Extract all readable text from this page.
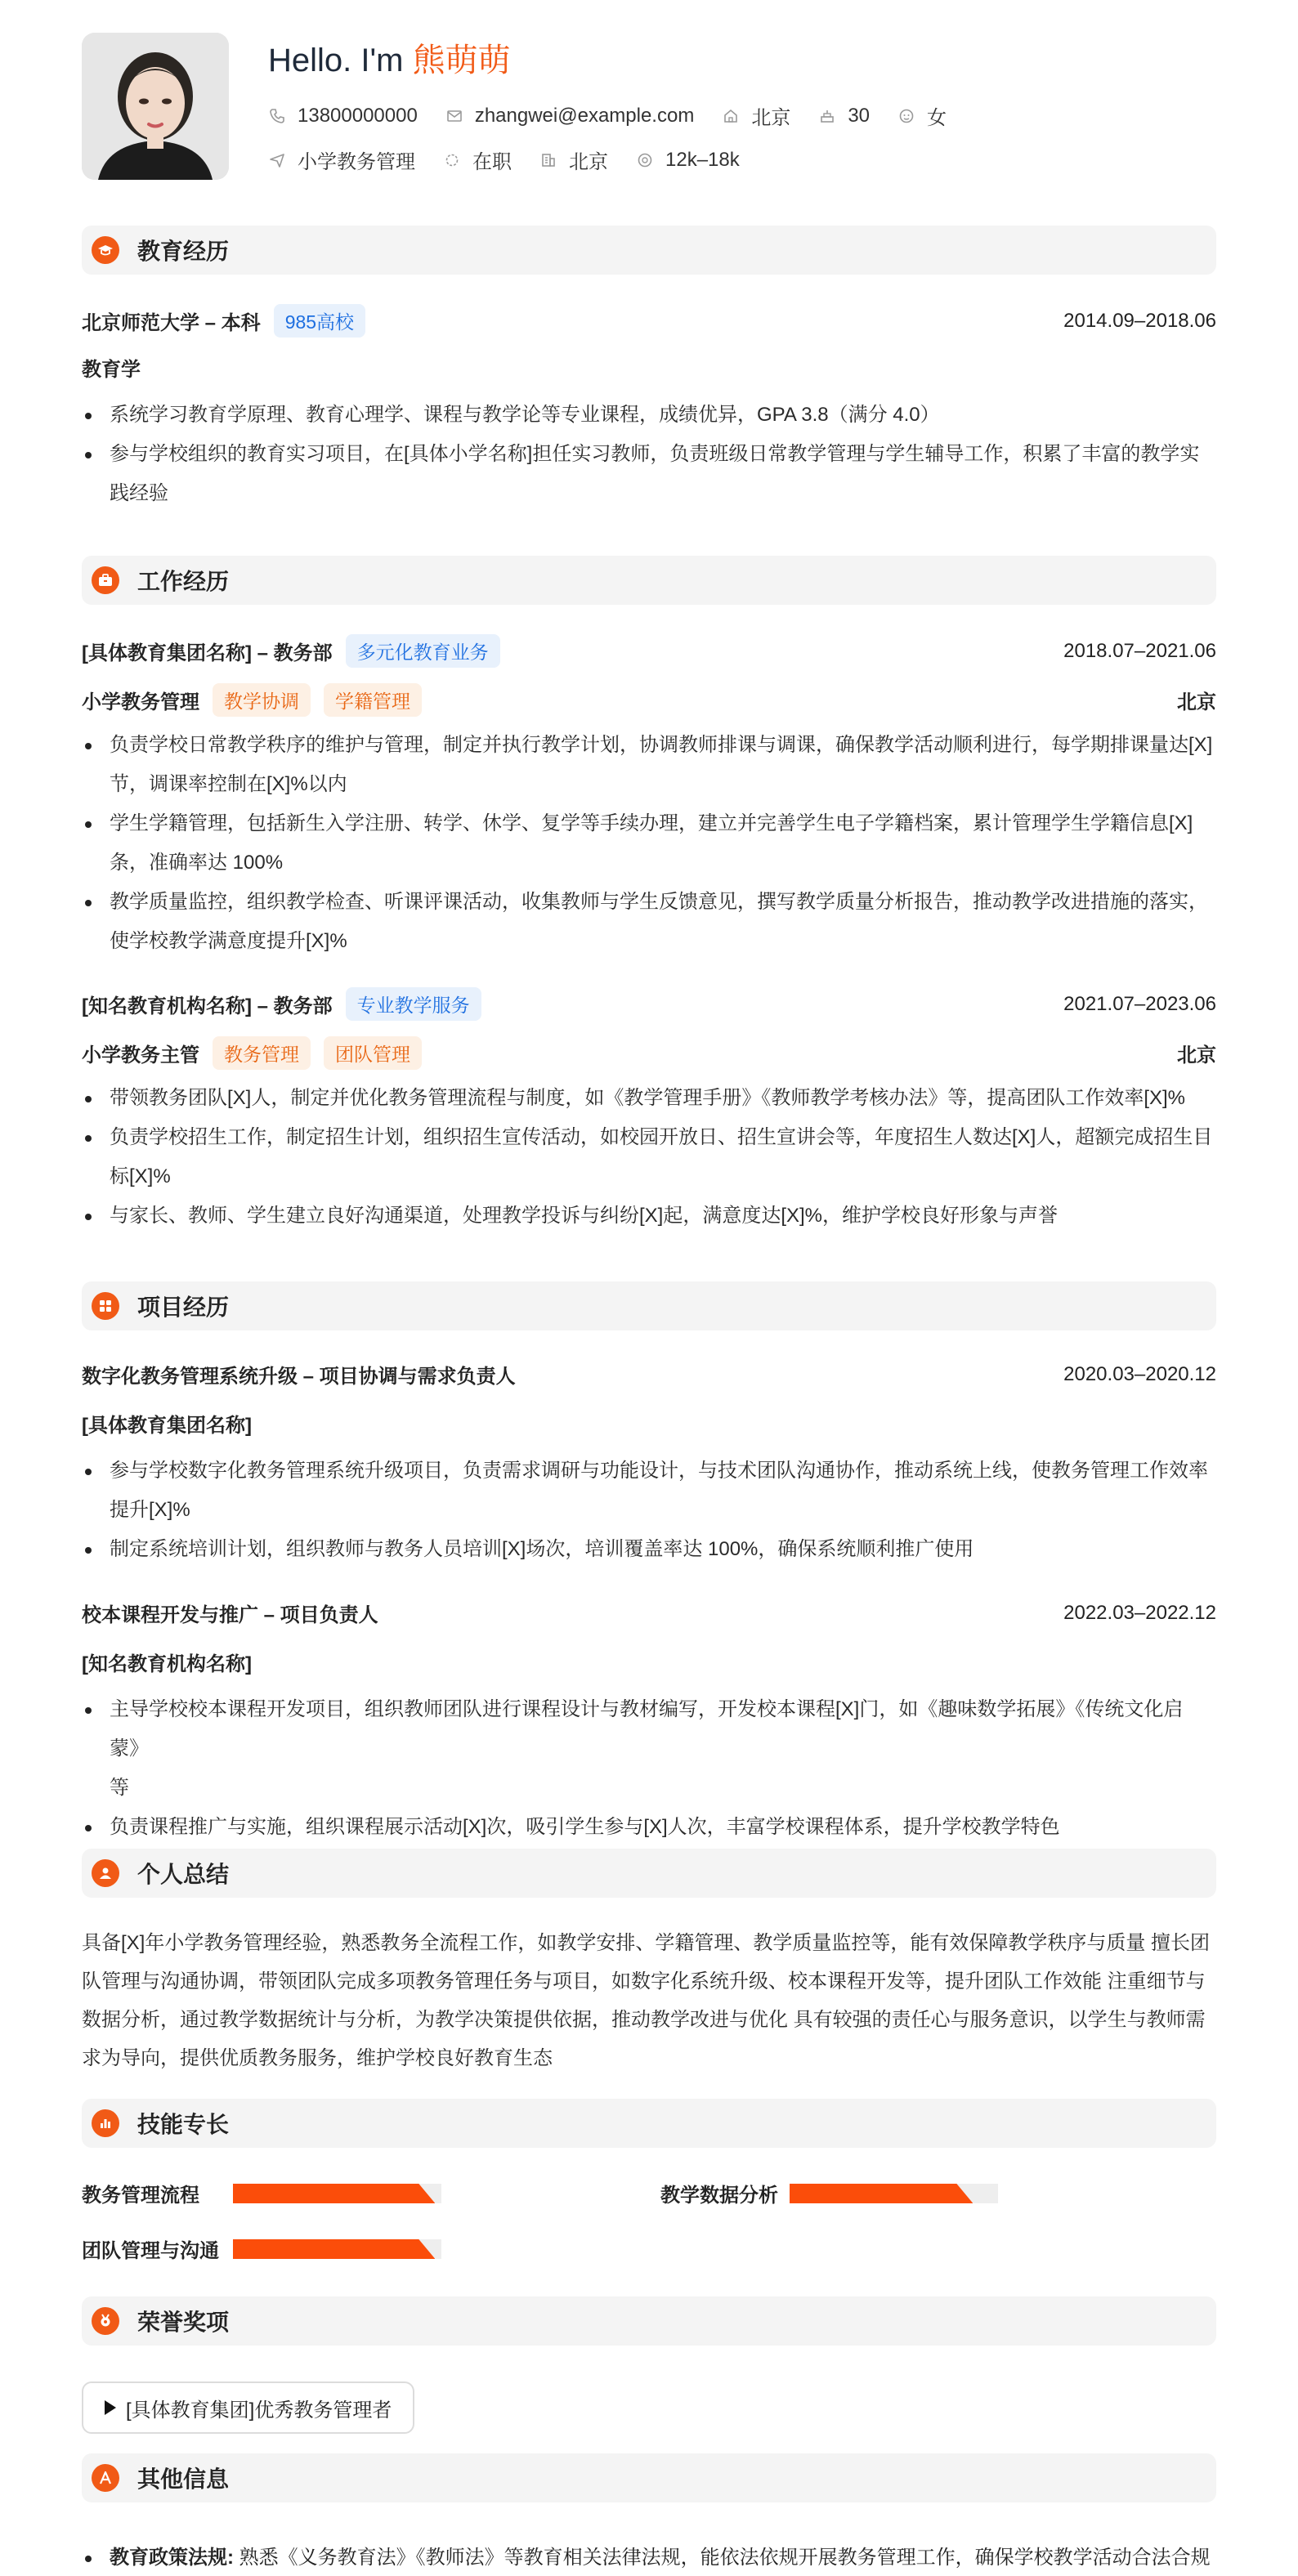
Hello. I'm 熊萌萌
13800000000	zhangwei@example.com	北京	30	女
小学教务管理	在职	北京	12k–18k
教育经历
北京师范大学 – 本科	985高校	2014.09–2018.06
教育学
系统学习教育学原理、教育心理学、课程与教学论等专业课程，成绩优异，GPA 3.8（满分 4.0）
参与学校组织的教育实习项目，在[具体小学名称]担任实习教师，负责班级日常教学管理与学生辅导工作，积累了丰富的教学实
践经验
工作经历
[具体教育集团名称] – 教务部	多元化教育业务	2018.07–2021.06
小学教务管理	教学协调	学籍管理	北京
负责学校日常教学秩序的维护与管理，制定并执行教学计划，协调教师排课与调课，确保教学活动顺利进行，每学期排课量达[X]
节，调课率控制在[X]%以内
学生学籍管理，包括新生入学注册、转学、休学、复学等手续办理，建立并完善学生电子学籍档案，累计管理学生学籍信息[X]
条，准确率达 100%
教学质量监控，组织教学检查、听课评课活动，收集教师与学生反馈意见，撰写教学质量分析报告，推动教学改进措施的落实，
使学校教学满意度提升[X]%
[知名教育机构名称] – 教务部	专业教学服务	2021.07–2023.06
小学教务主管	教务管理	团队管理	北京
带领教务团队[X]人，制定并优化教务管理流程与制度，如《教学管理手册》《教师教学考核办法》等，提高团队工作效率[X]%
负责学校招生工作，制定招生计划，组织招生宣传活动，如校园开放日、招生宣讲会等，年度招生人数达[X]人，超额完成招生目
标[X]%
与家长、教师、学生建立良好沟通渠道，处理教学投诉与纠纷[X]起，满意度达[X]%，维护学校良好形象与声誉
项目经历
数字化教务管理系统升级 – 项目协调与需求负责人	2020.03–2020.12
[具体教育集团名称]
参与学校数字化教务管理系统升级项目，负责需求调研与功能设计，与技术团队沟通协作，推动系统上线，使教务管理工作效率
提升[X]%
制定系统培训计划，组织教师与教务人员培训[X]场次，培训覆盖率达 100%，确保系统顺利推广使用
校本课程开发与推广 – 项目负责人	2022.03–2022.12
[知名教育机构名称]
主导学校校本课程开发项目，组织教师团队进行课程设计与教材编写，开发校本课程[X]门，如《趣味数学拓展》《传统文化启蒙》
等
负责课程推广与实施，组织课程展示活动[X]次，吸引学生参与[X]人次，丰富学校课程体系，提升学校教学特色
个人总结
具备[X]年小学教务管理经验，熟悉教务全流程工作，如教学安排、学籍管理、教学质量监控等，能有效保障教学秩序与质量 擅长团
队管理与沟通协调，带领团队完成多项教务管理任务与项目，如数字化系统升级、校本课程开发等，提升团队工作效能 注重细节与
数据分析，通过教学数据统计与分析，为教学决策提供依据，推动教学改进与优化 具有较强的责任心与服务意识，以学生与教师需
求为导向，提供优质教务服务，维护学校良好教育生态
技能专长
教务管理流程	教学数据分析
团队管理与沟通
荣誉奖项
[具体教育集团]优秀教务管理者
其他信息
教育政策法规: 熟悉《义务教育法》《教师法》等教育相关法律法规，能依法依规开展教务管理工作，确保学校教学活动合法合规
